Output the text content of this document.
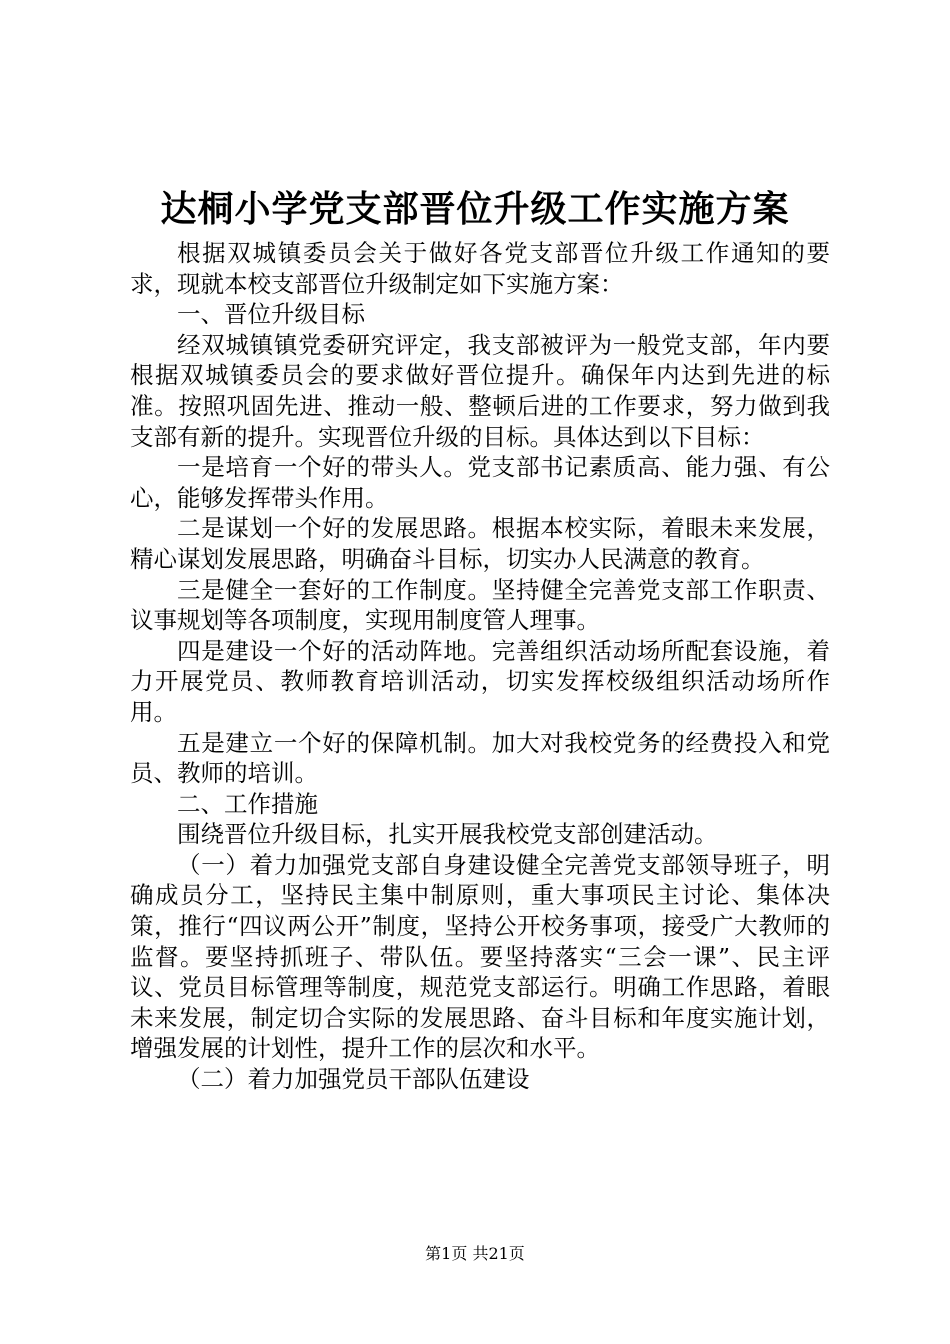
达桐小学党支部晋位升级工作实施方案

根据双城镇委员会关于做好各党支部晋位升级工作通知的要求，现就本校支部晋位升级制定如下实施方案：

一、晋位升级目标

经双城镇镇党委研究评定，我支部被评为一般党支部，年内要根据双城镇委员会的要求做好晋位提升。确保年内达到先进的标准。按照巩固先进、推动一般、整顿后进的工作要求，努力做到我支部有新的提升。实现晋位升级的目标。具体达到以下目标：

一是培育一个好的带头人。党支部书记素质高、能力强、有公心，能够发挥带头作用。

二是谋划一个好的发展思路。根据本校实际，着眼未来发展，精心谋划发展思路，明确奋斗目标，切实办人民满意的教育。

三是健全一套好的工作制度。坚持健全完善党支部工作职责、议事规划等各项制度，实现用制度管人理事。

四是建设一个好的活动阵地。完善组织活动场所配套设施，着力开展党员、教师教育培训活动，切实发挥校级组织活动场所作用。

五是建立一个好的保障机制。加大对我校党务的经费投入和党员、教师的培训。

二、工作措施

围绕晋位升级目标，扎实开展我校党支部创建活动。

（一）着力加强党支部自身建设健全完善党支部领导班子，明确成员分工，坚持民主集中制原则，重大事项民主讨论、集体决策，推行“四议两公开”制度，坚持公开校务事项，接受广大教师的监督。要坚持抓班子、带队伍。要坚持落实“三会一课”、民主评议、党员目标管理等制度，规范党支部运行。明确工作思路，着眼未来发展，制定切合实际的发展思路、奋斗目标和年度实施计划，增强发展的计划性，提升工作的层次和水平。

（二）着力加强党员干部队伍建设

第1页 共21页
